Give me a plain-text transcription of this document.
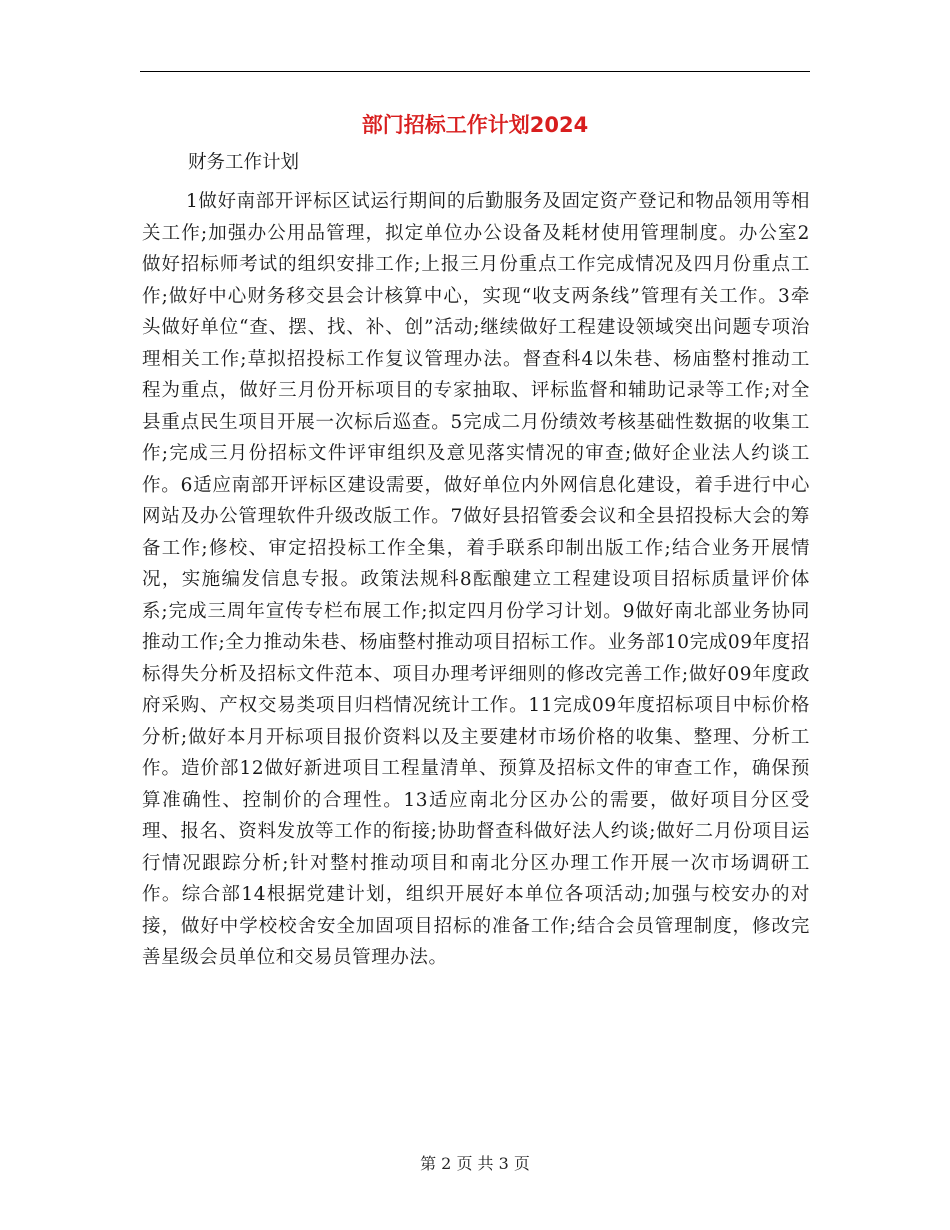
部门招标工作计划2024

财务工作计划

1做好南部开评标区试运行期间的后勤服务及固定资产登记和物品领用等相关工作;加强办公用品管理，拟定单位办公设备及耗材使用管理制度。办公室2做好招标师考试的组织安排工作;上报三月份重点工作完成情况及四月份重点工作;做好中心财务移交县会计核算中心，实现“收支两条线”管理有关工作。3牵头做好单位“查、摆、找、补、创”活动;继续做好工程建设领域突出问题专项治理相关工作;草拟招投标工作复议管理办法。督查科4以朱巷、杨庙整村推动工程为重点，做好三月份开标项目的专家抽取、评标监督和辅助记录等工作;对全县重点民生项目开展一次标后巡查。5完成二月份绩效考核基础性数据的收集工作;完成三月份招标文件评审组织及意见落实情况的审查;做好企业法人约谈工作。6适应南部开评标区建设需要，做好单位内外网信息化建设，着手进行中心网站及办公管理软件升级改版工作。7做好县招管委会议和全县招投标大会的筹备工作;修校、审定招投标工作全集，着手联系印制出版工作;结合业务开展情况，实施编发信息专报。政策法规科8酝酿建立工程建设项目招标质量评价体系;完成三周年宣传专栏布展工作;拟定四月份学习计划。9做好南北部业务协同推动工作;全力推动朱巷、杨庙整村推动项目招标工作。业务部10完成09年度招标得失分析及招标文件范本、项目办理考评细则的修改完善工作;做好09年度政府采购、产权交易类项目归档情况统计工作。11完成09年度招标项目中标价格分析;做好本月开标项目报价资料以及主要建材市场价格的收集、整理、分析工作。造价部12做好新进项目工程量清单、预算及招标文件的审查工作，确保预算准确性、控制价的合理性。13适应南北分区办公的需要，做好项目分区受理、报名、资料发放等工作的衔接;协助督查科做好法人约谈;做好二月份项目运行情况跟踪分析;针对整村推动项目和南北分区办理工作开展一次市场调研工作。综合部14根据党建计划，组织开展好本单位各项活动;加强与校安办的对接，做好中学校校舍安全加固项目招标的准备工作;结合会员管理制度，修改完善星级会员单位和交易员管理办法。

第 2 页 共 3 页
